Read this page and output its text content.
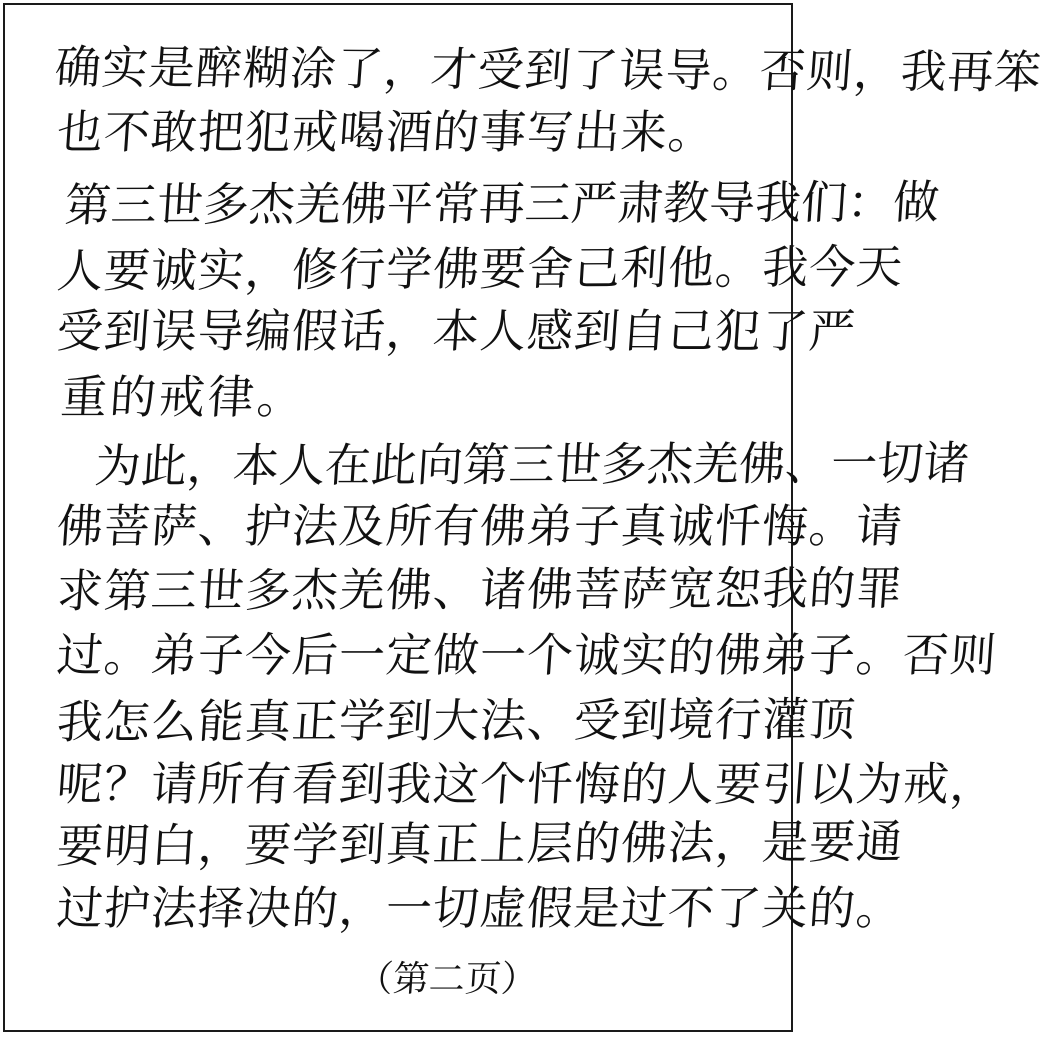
确实是醉糊涂了，才受到了误导。否则，我再笨
也不敢把犯戒喝酒的事写出来。
第三世多杰羌佛平常再三严肃教导我们：做
人要诚实，修行学佛要舍己利他。我今天
受到误导编假话，本人感到自己犯了严
重的戒律。
为此，本人在此向第三世多杰羌佛、一切诸
佛菩萨、护法及所有佛弟子真诚忏悔。请
求第三世多杰羌佛、诸佛菩萨宽恕我的罪
过。弟子今后一定做一个诚实的佛弟子。否则
我怎么能真正学到大法、受到境行灌顶
呢？请所有看到我这个忏悔的人要引以为戒，
要明白，要学到真正上层的佛法，是要通
过护法择决的，一切虚假是过不了关的。
（第二页）
